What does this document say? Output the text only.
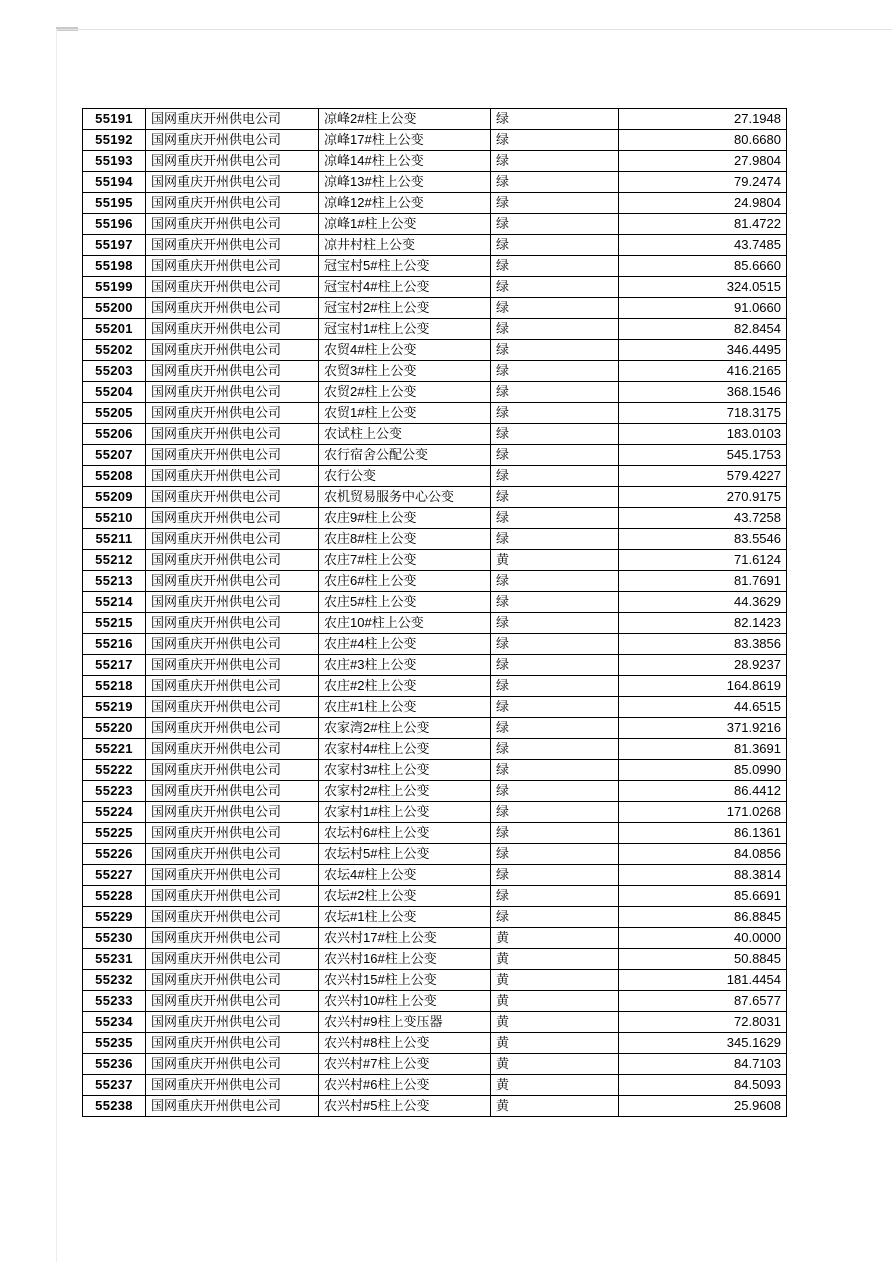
55191	国网重庆开州供电公司	凉峰2#柱上公变	绿	27.1948
55192	国网重庆开州供电公司	凉峰17#柱上公变	绿	80.6680
55193	国网重庆开州供电公司	凉峰14#柱上公变	绿	27.9804
55194	国网重庆开州供电公司	凉峰13#柱上公变	绿	79.2474
55195	国网重庆开州供电公司	凉峰12#柱上公变	绿	24.9804
55196	国网重庆开州供电公司	凉峰1#柱上公变	绿	81.4722
55197	国网重庆开州供电公司	凉井村柱上公变	绿	43.7485
55198	国网重庆开州供电公司	冠宝村5#柱上公变	绿	85.6660
55199	国网重庆开州供电公司	冠宝村4#柱上公变	绿	324.0515
55200	国网重庆开州供电公司	冠宝村2#柱上公变	绿	91.0660
55201	国网重庆开州供电公司	冠宝村1#柱上公变	绿	82.8454
55202	国网重庆开州供电公司	农贸4#柱上公变	绿	346.4495
55203	国网重庆开州供电公司	农贸3#柱上公变	绿	416.2165
55204	国网重庆开州供电公司	农贸2#柱上公变	绿	368.1546
55205	国网重庆开州供电公司	农贸1#柱上公变	绿	718.3175
55206	国网重庆开州供电公司	农试柱上公变	绿	183.0103
55207	国网重庆开州供电公司	农行宿舍公配公变	绿	545.1753
55208	国网重庆开州供电公司	农行公变	绿	579.4227
55209	国网重庆开州供电公司	农机贸易服务中心公变	绿	270.9175
55210	国网重庆开州供电公司	农庄9#柱上公变	绿	43.7258
55211	国网重庆开州供电公司	农庄8#柱上公变	绿	83.5546
55212	国网重庆开州供电公司	农庄7#柱上公变	黄	71.6124
55213	国网重庆开州供电公司	农庄6#柱上公变	绿	81.7691
55214	国网重庆开州供电公司	农庄5#柱上公变	绿	44.3629
55215	国网重庆开州供电公司	农庄10#柱上公变	绿	82.1423
55216	国网重庆开州供电公司	农庄#4柱上公变	绿	83.3856
55217	国网重庆开州供电公司	农庄#3柱上公变	绿	28.9237
55218	国网重庆开州供电公司	农庄#2柱上公变	绿	164.8619
55219	国网重庆开州供电公司	农庄#1柱上公变	绿	44.6515
55220	国网重庆开州供电公司	农家湾2#柱上公变	绿	371.9216
55221	国网重庆开州供电公司	农家村4#柱上公变	绿	81.3691
55222	国网重庆开州供电公司	农家村3#柱上公变	绿	85.0990
55223	国网重庆开州供电公司	农家村2#柱上公变	绿	86.4412
55224	国网重庆开州供电公司	农家村1#柱上公变	绿	171.0268
55225	国网重庆开州供电公司	农坛村6#柱上公变	绿	86.1361
55226	国网重庆开州供电公司	农坛村5#柱上公变	绿	84.0856
55227	国网重庆开州供电公司	农坛4#柱上公变	绿	88.3814
55228	国网重庆开州供电公司	农坛#2柱上公变	绿	85.6691
55229	国网重庆开州供电公司	农坛#1柱上公变	绿	86.8845
55230	国网重庆开州供电公司	农兴村17#柱上公变	黄	40.0000
55231	国网重庆开州供电公司	农兴村16#柱上公变	黄	50.8845
55232	国网重庆开州供电公司	农兴村15#柱上公变	黄	181.4454
55233	国网重庆开州供电公司	农兴村10#柱上公变	黄	87.6577
55234	国网重庆开州供电公司	农兴村#9柱上变压器	黄	72.8031
55235	国网重庆开州供电公司	农兴村#8柱上公变	黄	345.1629
55236	国网重庆开州供电公司	农兴村#7柱上公变	黄	84.7103
55237	国网重庆开州供电公司	农兴村#6柱上公变	黄	84.5093
55238	国网重庆开州供电公司	农兴村#5柱上公变	黄	25.9608
